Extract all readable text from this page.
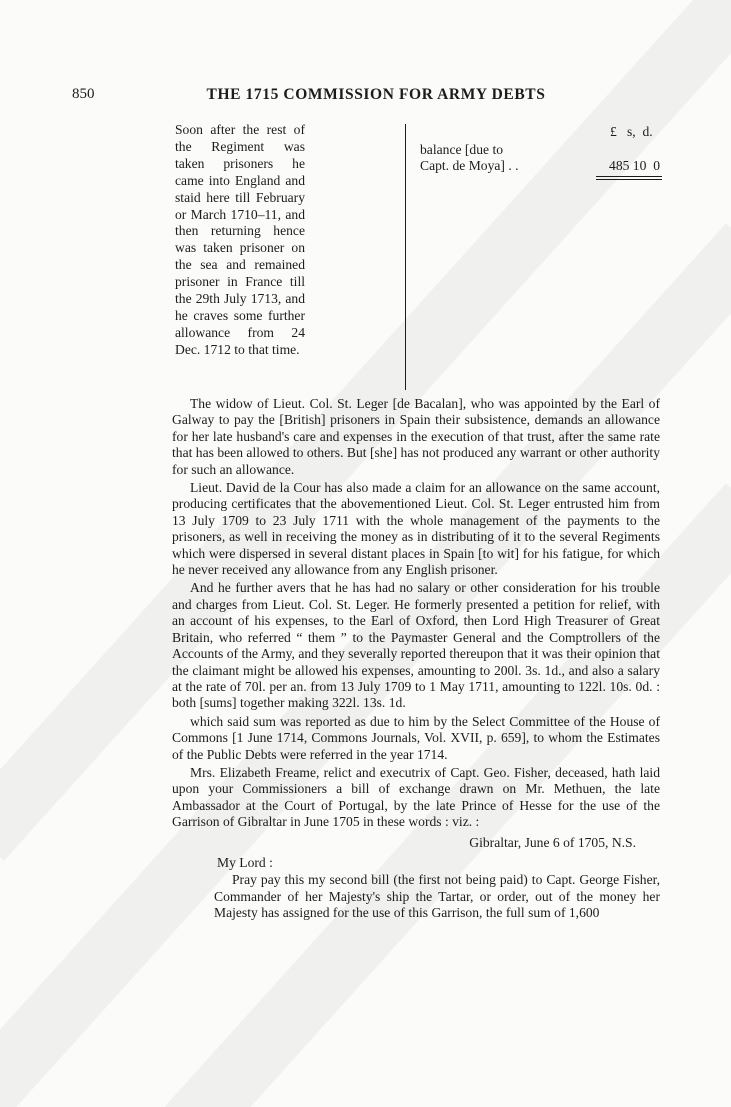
850	THE 1715 COMMISSION FOR ARMY DEBTS
Soon after the rest of the Regiment was taken prisoners he came into England and staid here till February or March 1710–11, and then returning hence was taken prisoner on the sea and remained prisoner in France till the 29th July 1713, and he craves some further allowance from 24 Dec. 1712 to that time.
£   s,  d.
balance [due to
Capt. de Moya] . .	485 10  0

The widow of Lieut. Col. St. Leger [de Bacalan], who was appointed by the Earl of Galway to pay the [British] prisoners in Spain their subsistence, demands an allowance for her late husband's care and expenses in the execution of that trust, after the same rate that has been allowed to others. But [she] has not produced any warrant or other authority for such an allowance.

Lieut. David de la Cour has also made a claim for an allowance on the same account, producing certificates that the abovementioned Lieut. Col. St. Leger entrusted him from 13 July 1709 to 23 July 1711 with the whole management of the payments to the prisoners, as well in receiving the money as in distributing of it to the several Regiments which were dispersed in several distant places in Spain [to wit] for his fatigue, for which he never received any allowance from any English prisoner.

And he further avers that he has had no salary or other consideration for his trouble and charges from Lieut. Col. St. Leger. He formerly presented a petition for relief, with an account of his expenses, to the Earl of Oxford, then Lord High Treasurer of Great Britain, who referred “ them ” to the Paymaster General and the Comptrollers of the Accounts of the Army, and they severally reported thereupon that it was their opinion that the claimant might be allowed his expenses, amounting to 200l. 3s. 1d., and also a salary at the rate of 70l. per an. from 13 July 1709 to 1 May 1711, amounting to 122l. 10s. 0d. : both [sums] together making 322l. 13s. 1d.

which said sum was reported as due to him by the Select Committee of the House of Commons [1 June 1714, Commons Journals, Vol. XVII, p. 659], to whom the Estimates of the Public Debts were referred in the year 1714.

Mrs. Elizabeth Freame, relict and executrix of Capt. Geo. Fisher, deceased, hath laid upon your Commissioners a bill of exchange drawn on Mr. Methuen, the late Ambassador at the Court of Portugal, by the late Prince of Hesse for the use of the Garrison of Gibraltar in June 1705 in these words : viz. :

Gibraltar, June 6 of 1705, N.S.
My Lord :
Pray pay this my second bill (the first not being paid) to Capt. George Fisher, Commander of her Majesty's ship the Tartar, or order, out of the money her Majesty has assigned for the use of this Garrison, the full sum of 1,600
